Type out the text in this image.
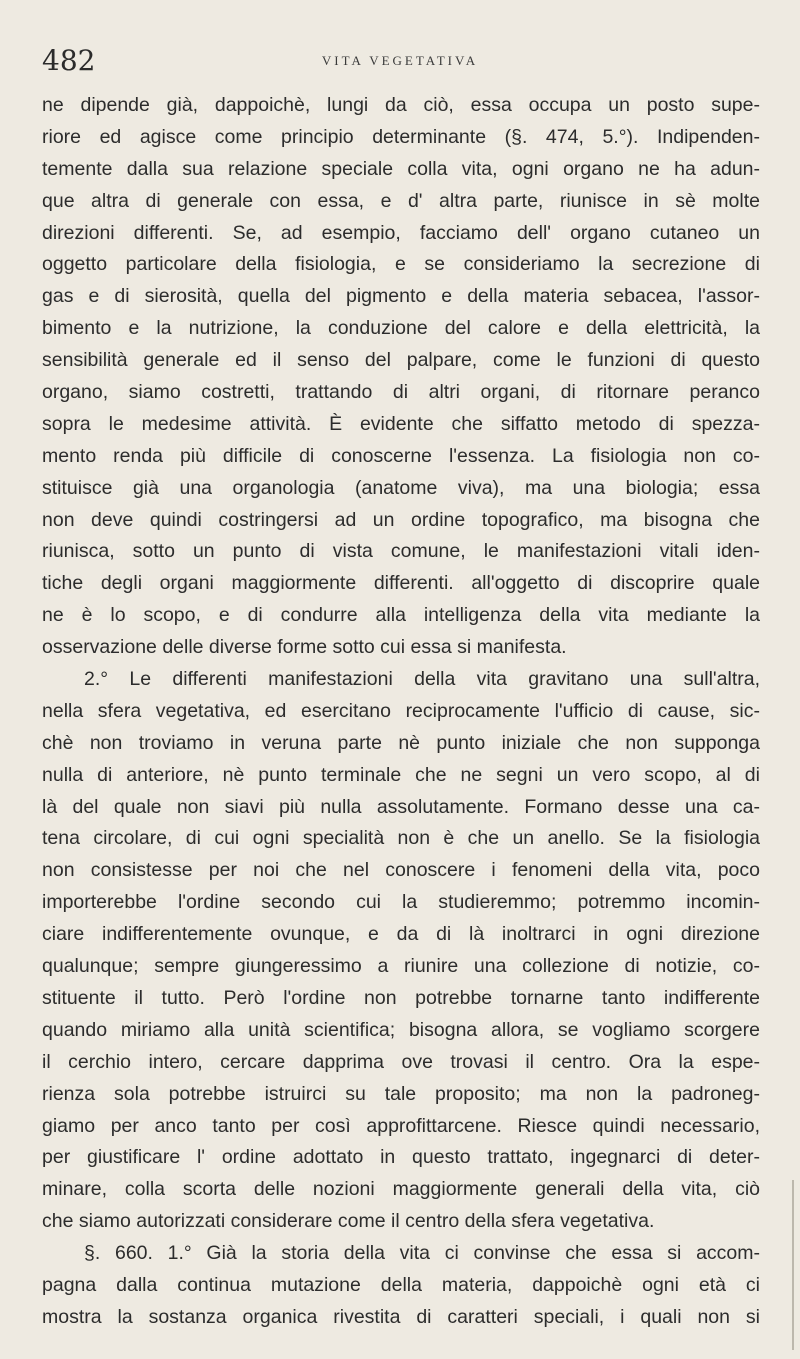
482	VITA VEGETATIVA
ne dipende già, dappoichè, lungi da ciò, essa occupa un posto supe-
riore ed agisce come principio determinante (§. 474, 5.°). Indipenden-
temente dalla sua relazione speciale colla vita, ogni organo ne ha adun-
que altra di generale con essa, e d' altra parte, riunisce in sè molte
direzioni differenti. Se, ad esempio, facciamo dell' organo cutaneo un
oggetto particolare della fisiologia, e se consideriamo la secrezione di
gas e di sierosità, quella del pigmento e della materia sebacea, l'assor-
bimento e la nutrizione, la conduzione del calore e della elettricità, la
sensibilità generale ed il senso del palpare, come le funzioni di questo
organo, siamo costretti, trattando di altri organi, di ritornare peranco
sopra le medesime attività. È evidente che siffatto metodo di spezza-
mento renda più difficile di conoscerne l'essenza. La fisiologia non co-
stituisce già una organologia (anatome viva), ma una biologia; essa
non deve quindi costringersi ad un ordine topografico, ma bisogna che
riunisca, sotto un punto di vista comune, le manifestazioni vitali iden-
tiche degli organi maggiormente differenti. all'oggetto di discoprire quale
ne è lo scopo, e di condurre alla intelligenza della vita mediante la
osservazione delle diverse forme sotto cui essa si manifesta.
2.° Le differenti manifestazioni della vita gravitano una sull'altra,
nella sfera vegetativa, ed esercitano reciprocamente l'ufficio di cause, sic-
chè non troviamo in veruna parte nè punto iniziale che non supponga
nulla di anteriore, nè punto terminale che ne segni un vero scopo, al di
là del quale non siavi più nulla assolutamente. Formano desse una ca-
tena circolare, di cui ogni specialità non è che un anello. Se la fisiologia
non consistesse per noi che nel conoscere i fenomeni della vita, poco
importerebbe l'ordine secondo cui la studieremmo; potremmo incomin-
ciare indifferentemente ovunque, e da di là inoltrarci in ogni direzione
qualunque; sempre giungeressimo a riunire una collezione di notizie, co-
stituente il tutto. Però l'ordine non potrebbe tornarne tanto indifferente
quando miriamo alla unità scientifica; bisogna allora, se vogliamo scorgere
il cerchio intero, cercare dapprima ove trovasi il centro. Ora la espe-
rienza sola potrebbe istruirci su tale proposito; ma non la padroneg-
giamo per anco tanto per così approfittarcene. Riesce quindi necessario,
per giustificare l' ordine adottato in questo trattato, ingegnarci di deter-
minare, colla scorta delle nozioni maggiormente generali della vita, ciò
che siamo autorizzati considerare come il centro della sfera vegetativa.
§. 660. 1.° Già la storia della vita ci convinse che essa si accom-
pagna dalla continua mutazione della materia, dappoichè ogni età ci
mostra la sostanza organica rivestita di caratteri speciali, i quali non si
